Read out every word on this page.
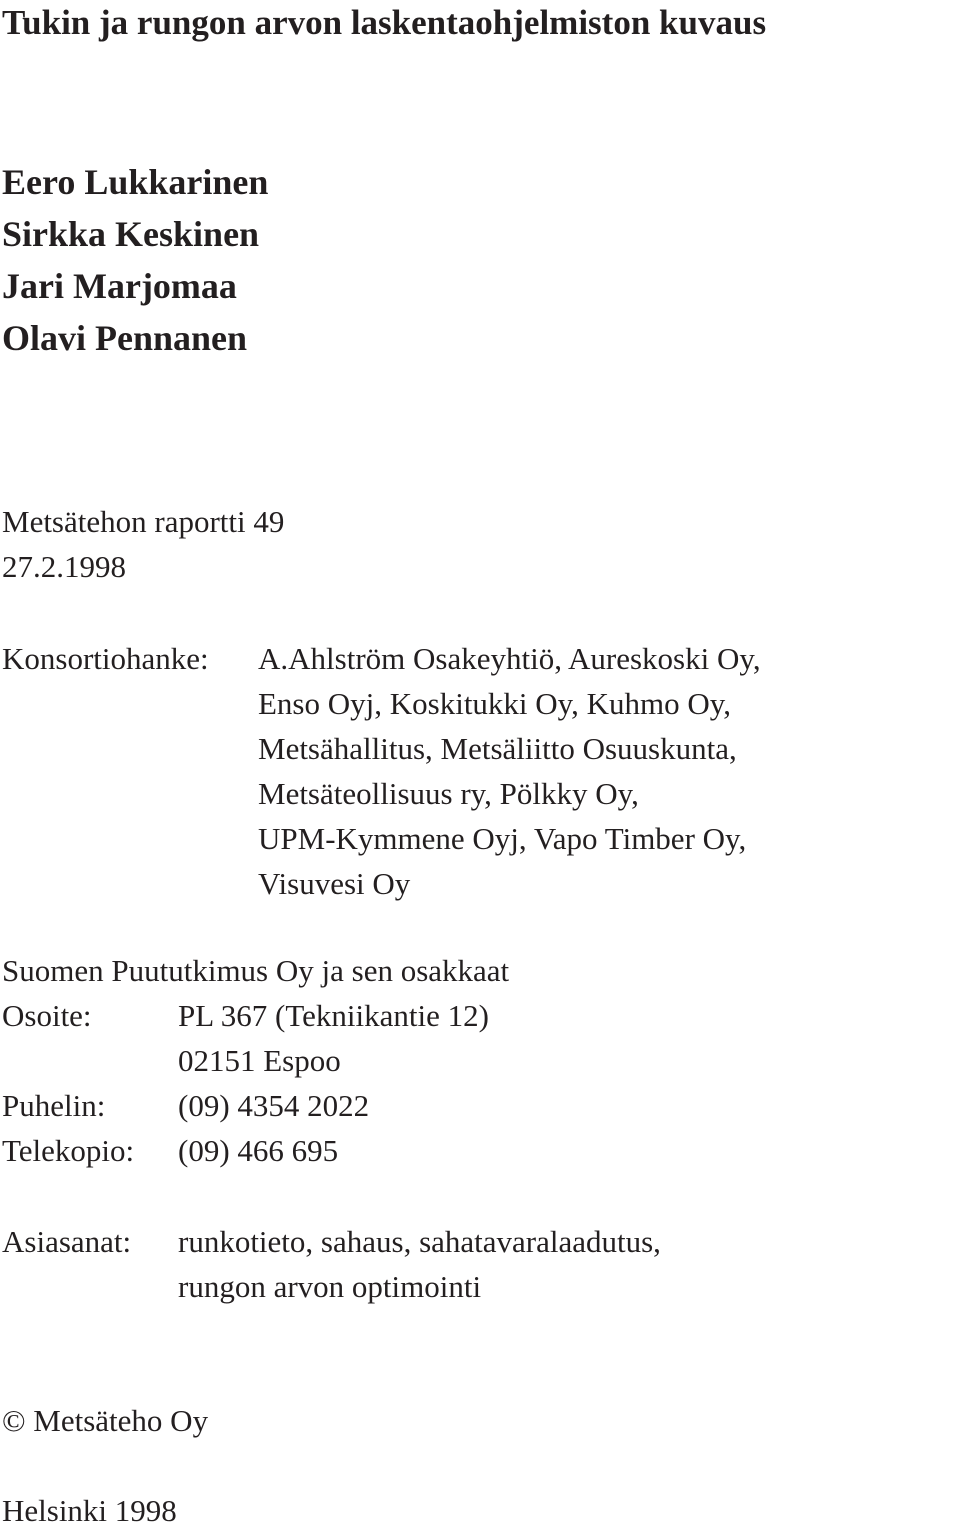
Tukin ja rungon arvon laskentaohjelmiston kuvaus
Eero Lukkarinen
Sirkka Keskinen
Jari Marjomaa
Olavi Pennanen
Metsätehon raportti 49
27.2.1998
Konsortiohanke: A.Ahlström Osakeyhtiö, Aureskoski Oy,
Enso Oyj, Koskitukki Oy, Kuhmo Oy,
Metsähallitus, Metsäliitto Osuuskunta,
Metsäteollisuus ry, Pölkky Oy,
UPM-Kymmene Oyj, Vapo Timber Oy,
Visuvesi Oy
Suomen Puututkimus Oy ja sen osakkaat
Osoite:	PL 367 (Tekniikantie 12)
02151 Espoo
Puhelin: (09) 4354 2022
Telekopio: (09) 466 695
Asiasanat: runkotieto, sahaus, sahatavaralaadutus,
rungon arvon optimointi
© Metsäteho Oy
Helsinki 1998
